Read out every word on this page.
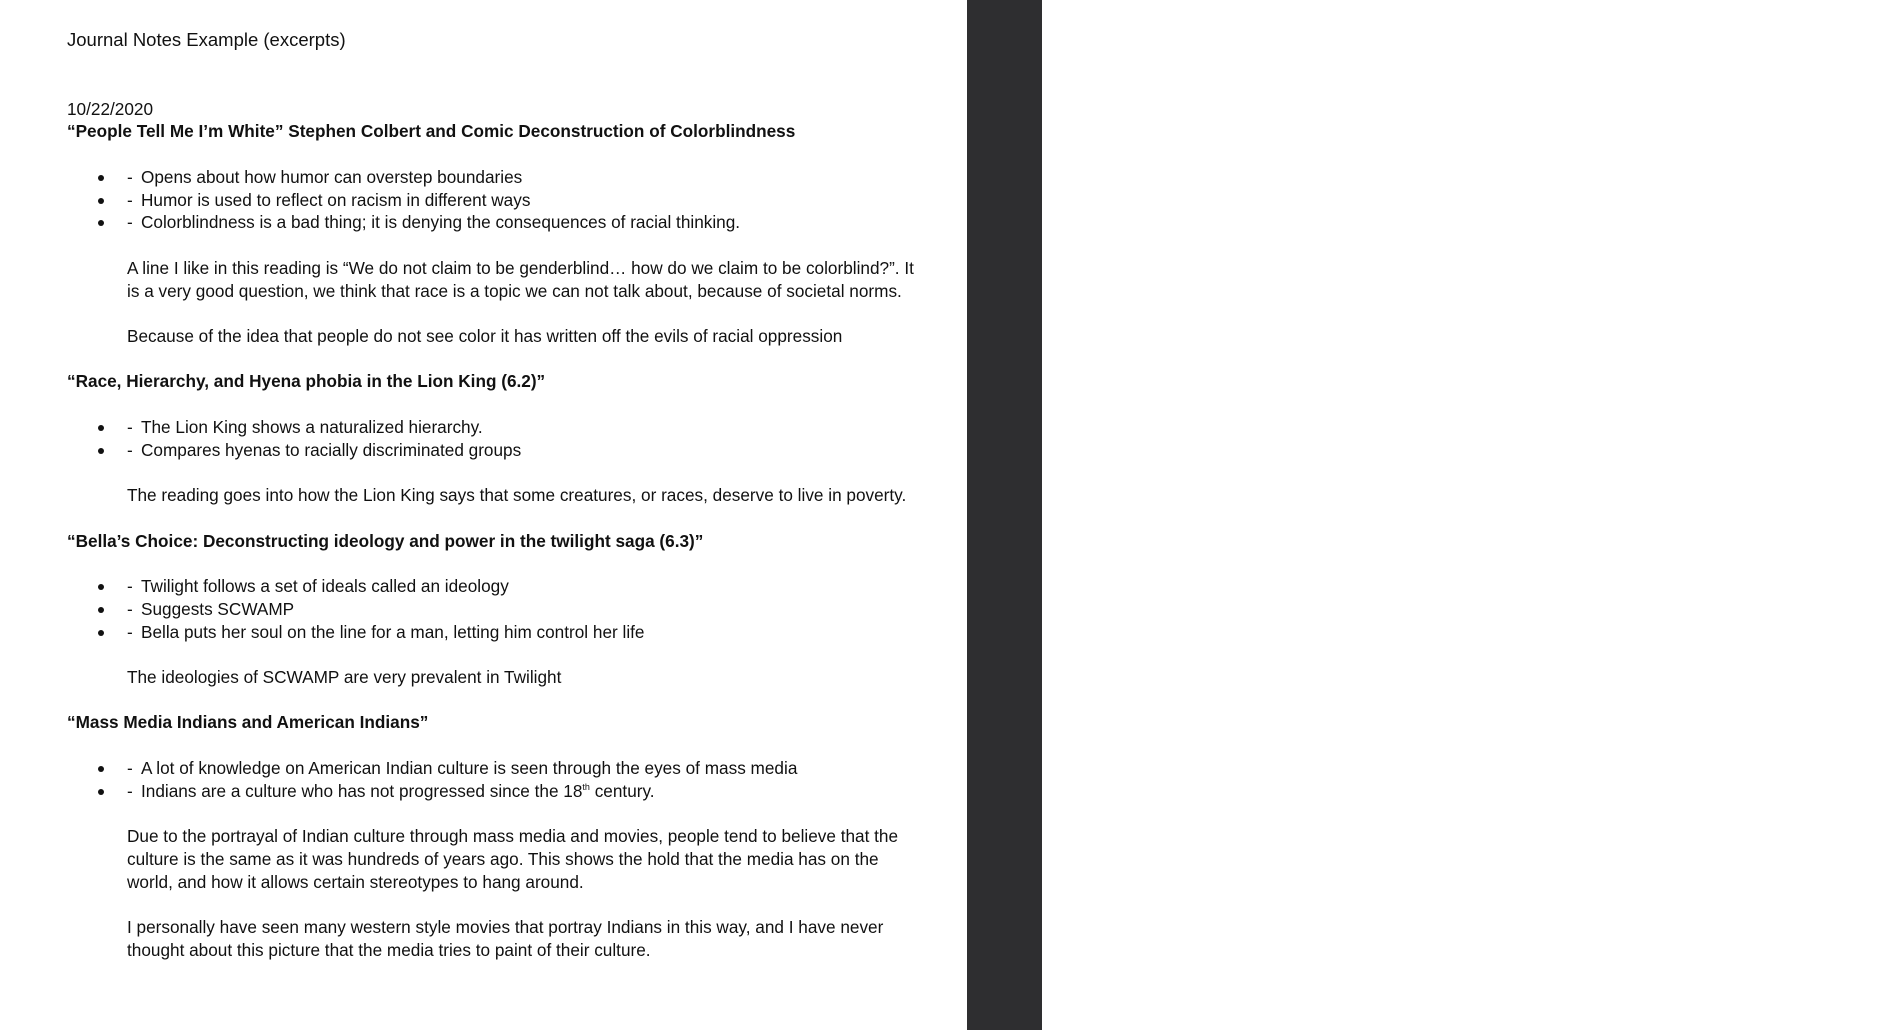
Journal Notes Example (excerpts)

10/22/2020

“People Tell Me I’m White” Stephen Colbert and Comic Deconstruction of Colorblindness

- Opens about how humor can overstep boundaries
- Humor is used to reflect on racism in different ways
- Colorblindness is a bad thing; it is denying the consequences of racial thinking.

A line I like in this reading is “We do not claim to be genderblind… how do we claim to be colorblind?”. It is a very good question, we think that race is a topic we can not talk about, because of societal norms.

Because of the idea that people do not see color it has written off the evils of racial oppression

“Race, Hierarchy, and Hyena phobia in the Lion King (6.2)”

- The Lion King shows a naturalized hierarchy.
- Compares hyenas to racially discriminated groups

The reading goes into how the Lion King says that some creatures, or races, deserve to live in poverty.

“Bella’s Choice: Deconstructing ideology and power in the twilight saga (6.3)”

- Twilight follows a set of ideals called an ideology
- Suggests SCWAMP
- Bella puts her soul on the line for a man, letting him control her life

The ideologies of SCWAMP are very prevalent in Twilight

“Mass Media Indians and American Indians”

- A lot of knowledge on American Indian culture is seen through the eyes of mass media
- Indians are a culture who has not progressed since the 18th century.

Due to the portrayal of Indian culture through mass media and movies, people tend to believe that the culture is the same as it was hundreds of years ago. This shows the hold that the media has on the world, and how it allows certain stereotypes to hang around.

I personally have seen many western style movies that portray Indians in this way, and I have never thought about this picture that the media tries to paint of their culture.
